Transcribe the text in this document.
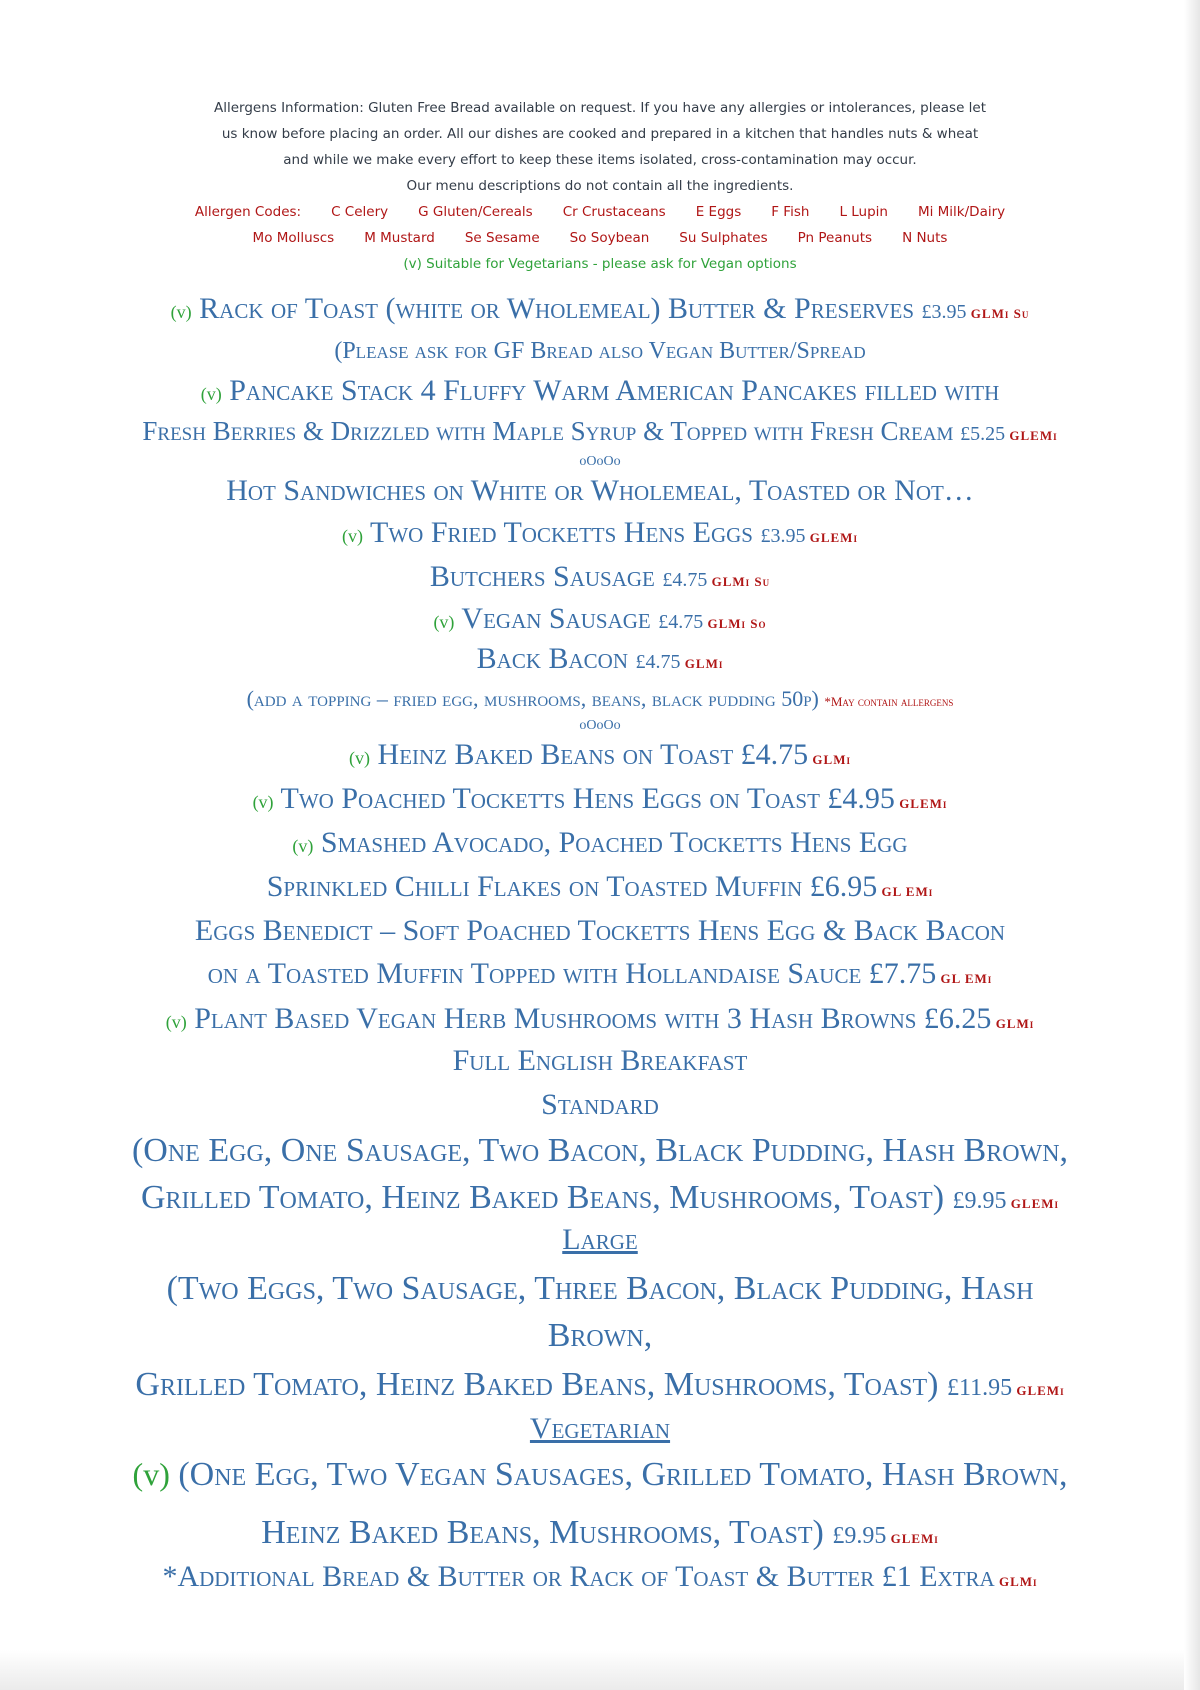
Allergens Information: Gluten Free Bread available on request. If you have any allergies or intolerances, please let
us know before placing an order. All our dishes are cooked and prepared in a kitchen that handles nuts & wheat
and while we make every effort to keep these items isolated, cross-contamination may occur.
Our menu descriptions do not contain all the ingredients.
Allergen Codes: C Celery G Gluten/Cereals Cr Crustaceans E Eggs F Fish L Lupin Mi Milk/Dairy
Mo Molluscs M Mustard Se Sesame So Soybean Su Sulphates Pn Peanuts N Nuts
(v) Suitable for Vegetarians - please ask for Vegan options
(v) Rack of Toast (white or Wholemeal) Butter & Preserves £3.95 GLMi Su
(Please ask for GF Bread also Vegan Butter/Spread
(v) Pancake Stack 4 Fluffy Warm American Pancakes filled with
Fresh Berries & Drizzled with Maple Syrup & Topped with Fresh Cream £5.25 GLEMi
oOoOo
Hot Sandwiches on White or Wholemeal, Toasted or Not…
(v) Two Fried Tocketts Hens Eggs £3.95 GLEMi
Butchers Sausage £4.75 GLMi Su
(v) Vegan Sausage £4.75 GLMi So
Back Bacon £4.75 GLMi
(add a topping – fried egg, mushrooms, beans, black pudding 50p) *May contain allergens
oOoOo
(v) Heinz Baked Beans on Toast £4.75 GLMi
(v) Two Poached Tocketts Hens Eggs on Toast £4.95 GLEMi
(v) Smashed Avocado, Poached Tocketts Hens Egg
Sprinkled Chilli Flakes on Toasted Muffin £6.95 GL EMi
Eggs Benedict – Soft Poached Tocketts Hens Egg & Back Bacon
on a Toasted Muffin Topped with Hollandaise Sauce £7.75 GL EMi
(v) Plant Based Vegan Herb Mushrooms with 3 Hash Browns £6.25 GLMi
Full English Breakfast
Standard
(One Egg, One Sausage, Two Bacon, Black Pudding, Hash Brown,
Grilled Tomato, Heinz Baked Beans, Mushrooms, Toast) £9.95 GLEMi
Large
(Two Eggs, Two Sausage, Three Bacon, Black Pudding, Hash
Brown,
Grilled Tomato, Heinz Baked Beans, Mushrooms, Toast) £11.95 GLEMi
Vegetarian
(v) (One Egg, Two Vegan Sausages, Grilled Tomato, Hash Brown,
Heinz Baked Beans, Mushrooms, Toast) £9.95 GLEMi
*Additional Bread & Butter or Rack of Toast & Butter £1 Extra GLMi
